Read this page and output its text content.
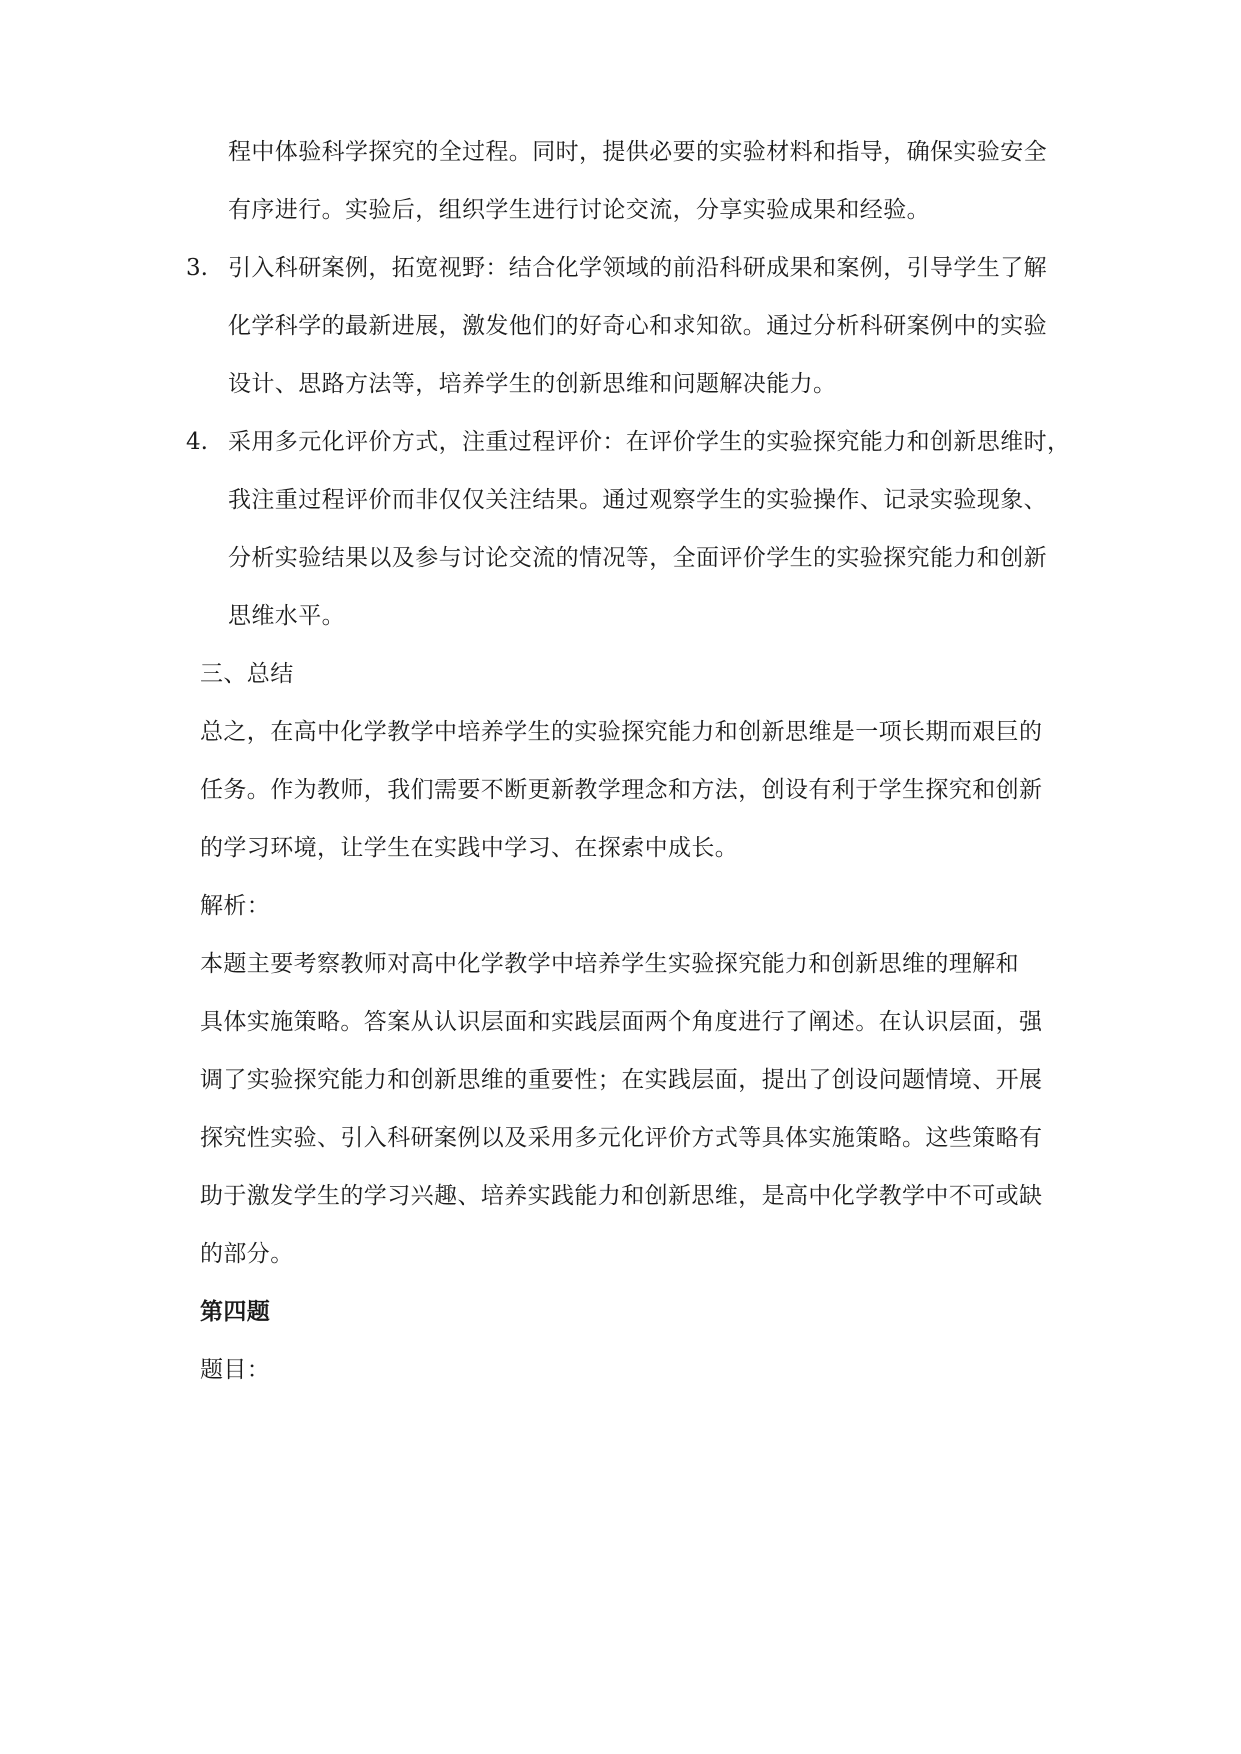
程中体验科学探究的全过程。同时，提供必要的实验材料和指导，确保实验安全
有序进行。实验后，组织学生进行讨论交流，分享实验成果和经验。
3. 引入科研案例，拓宽视野：结合化学领域的前沿科研成果和案例，引导学生了解
化学科学的最新进展，激发他们的好奇心和求知欲。通过分析科研案例中的实验
设计、思路方法等，培养学生的创新思维和问题解决能力。
4. 采用多元化评价方式，注重过程评价：在评价学生的实验探究能力和创新思维时，
我注重过程评价而非仅仅关注结果。通过观察学生的实验操作、记录实验现象、
分析实验结果以及参与讨论交流的情况等，全面评价学生的实验探究能力和创新
思维水平。
三、总结
总之，在高中化学教学中培养学生的实验探究能力和创新思维是一项长期而艰巨的
任务。作为教师，我们需要不断更新教学理念和方法，创设有利于学生探究和创新
的学习环境，让学生在实践中学习、在探索中成长。
解析：
本题主要考察教师对高中化学教学中培养学生实验探究能力和创新思维的理解和
具体实施策略。答案从认识层面和实践层面两个角度进行了阐述。在认识层面，强
调了实验探究能力和创新思维的重要性；在实践层面，提出了创设问题情境、开展
探究性实验、引入科研案例以及采用多元化评价方式等具体实施策略。这些策略有
助于激发学生的学习兴趣、培养实践能力和创新思维，是高中化学教学中不可或缺
的部分。
第四题
题目：
